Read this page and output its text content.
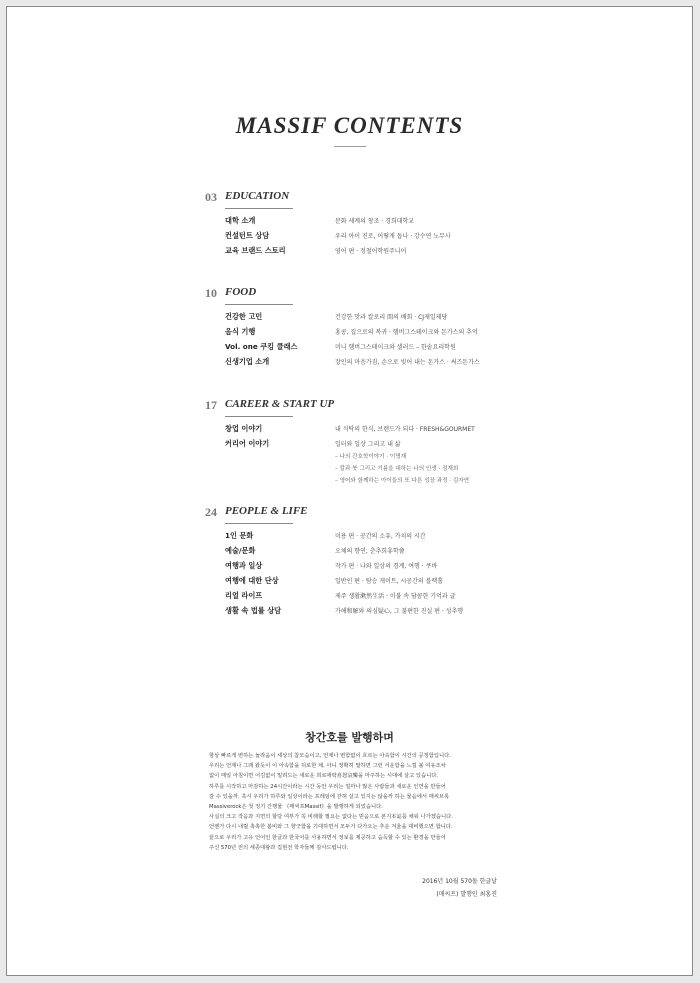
MASSIF CONTENTS
03 EDUCATION
대학 소개	문화 세계의 창조 · 경희대학교
컨설턴트 상담	우리 아이 진로, 어떻게 돕나 · 강수연 노무사
교육 브랜드 스토리	영어 편 · 정철어학원주니어
10 FOOD
건강한 고민	건강한 맛과 칼로리 間의 배회 · CJ제일제당
음식 기행	홍콩, 집으로의 복귀 · 햄버그스테이크와 돈가스의 추억
Vol. one 쿠킹 클래스	미니 햄버그스테이크와 샐러드 – 한솥요리학원
신생기업 소개	장인의 마음가짐, 손으로 빚어 내는 돈가스 · 써즈돈가스
17 CAREER & START UP
창업 이야기	내 식탁의 한식, 브랜드가 되다 · FRESH&GOURMET
커리어 이야기	일터와 일상 그리고 내 삶
– 나의 간호학이야기 · 이명재
– 칼과 붓 그리고 기름을 대하는 나의 인생 · 정재희
– 영어와 함께하는 아이들의 또 다른 성장 과정 · 김자연
24 PEOPLE & LIFE
1인 문화	미용 편 · 공간의 소유, 가치의 시간
예술/문화	오체의 향연, 춘추희휴학會
여행과 일상	작가 편 · 나와 일상의 경계, 여행 · 쿠바
여행에 대한 단상	일반인 편 · 탐승 게이트, 시공간의 블랙홀
리얼 라이프	제주 생활漱然生活 · 이불 속 담콤한 기억과 글
생활 속 법률 상담	가해和解와 의심疑心, 그 불편한 진실 편 · 성추행
창간호를 발행하며

항상 빠르게 변하는 놀라움이 세상의 참모습이고, 언제나 변함없이 흐르는 아속함이 시간의 공정함입니다.

우리는 언제나 그래 왔듯이 이 아속함을 뒤로한 채, 아니 정확히 말하면 그런 서운함을 느낄 볼 여유조차

없이 매일 아침이면 어김없이 밀려드는 새로운 희로애락喜怒哀樂을 마주하는 시대에 살고 있습니다.

하루를 시작하고 마감하는 24시간이라는 시간 동안 우리는 얼마나 많은 사람들과 새로운 인연을 만들어

갈 수 있을까. 혹시 우리가 하루와 일상이라는 프레임에 갇혀 살고 있지는 않을까 하는 물음에서 매씨브록

Massiverock은 첫 정기 간행물 《매씨프Massif》을 발행하게 되었습니다.

사실의 크고 작음과 지면의 할당 여부가 꼭 비례할 필요는 없다는 믿음으로 본지本誌를 채워 나가겠습니다.

언젠가 다시 내릴 촉촉한 봄비와 그 향긋함을 기대하면서 모두가 다가오는 추운 겨울을 대비했으면 합니다.

끝으로 우리가 고유 언어인 한글과 한국어를 사용하면서 정보를 제공하고 습득할 수 있는 환경을 만들어

주신 570년 전의 세종대왕과 집현전 학자들께 감사드립니다.

2016년 10월 570돌 한글날
(매씨프) 발행인 최홍진
